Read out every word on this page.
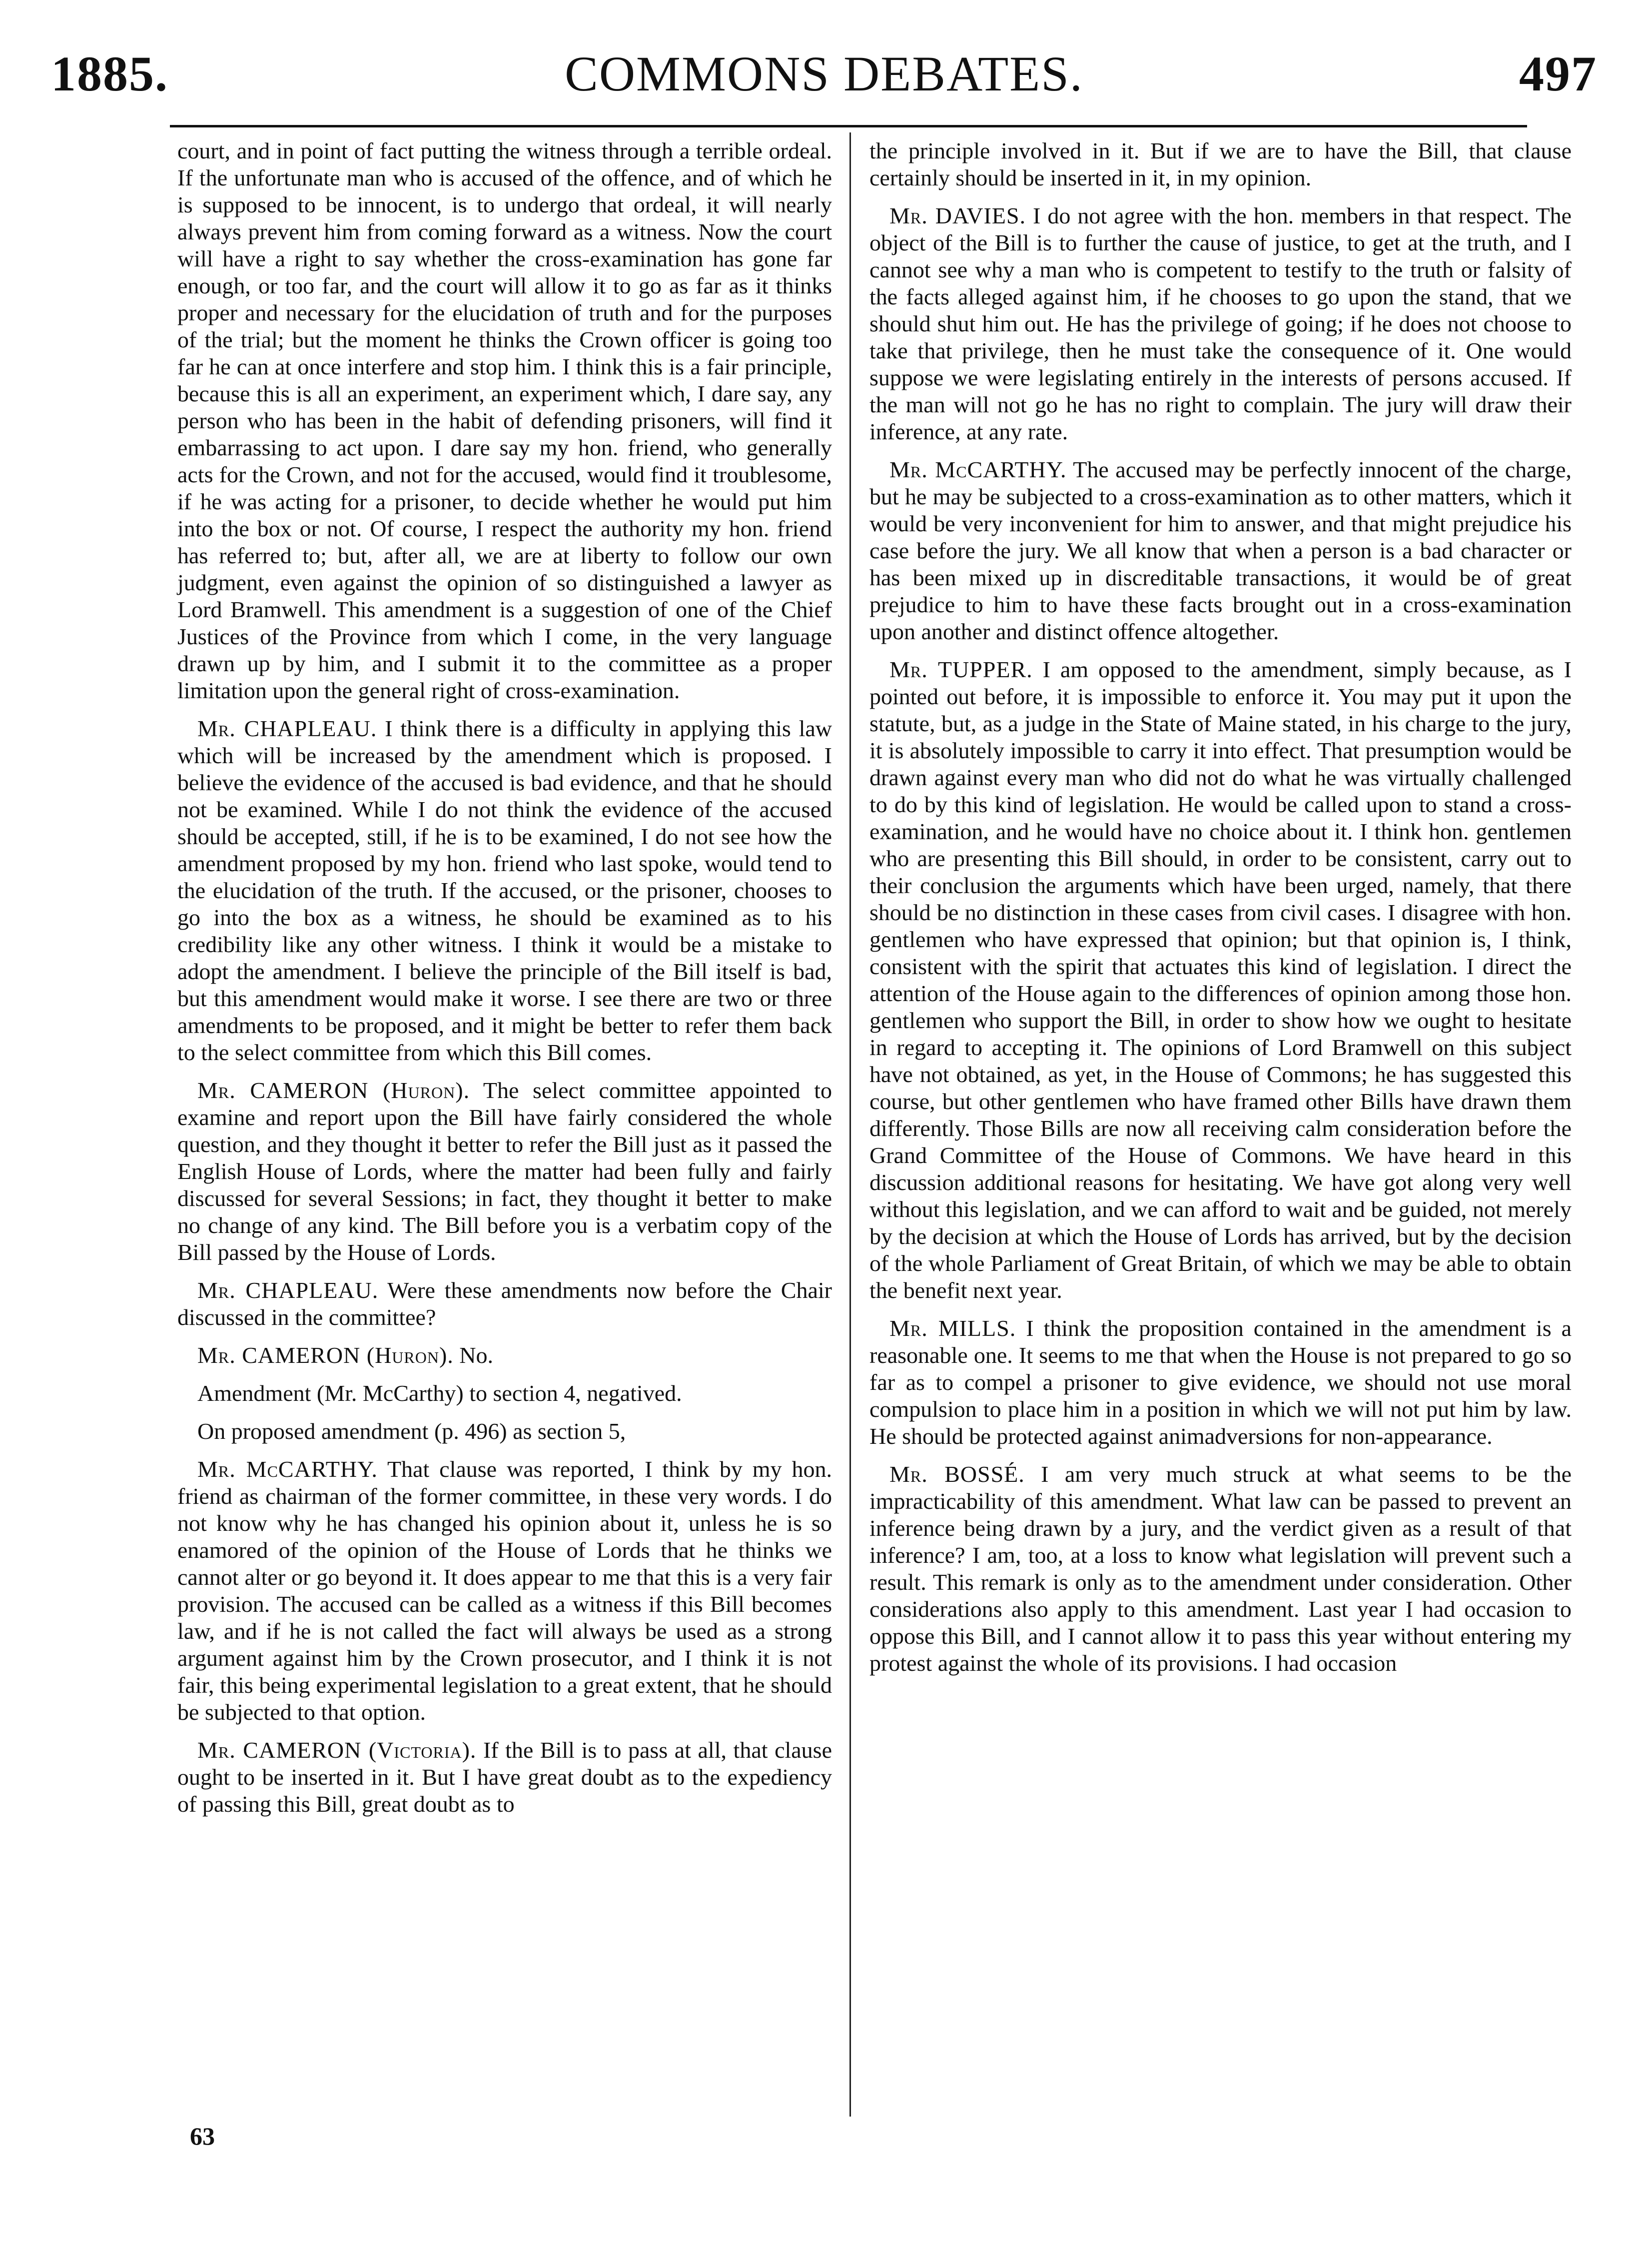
1885.	COMMONS DEBATES.	497

court, and in point of fact putting the witness through a terrible ordeal. If the unfortunate man who is accused of the offence, and of which he is supposed to be innocent, is to undergo that ordeal, it will nearly always prevent him from coming forward as a witness. Now the court will have a right to say whether the cross-examination has gone far enough, or too far, and the court will allow it to go as far as it thinks proper and necessary for the elucidation of truth and for the purposes of the trial; but the moment he thinks the Crown officer is going too far he can at once interfere and stop him. I think this is a fair principle, because this is all an experiment, an experiment which, I dare say, any person who has been in the habit of defending prisoners, will find it embarrassing to act upon. I dare say my hon. friend, who generally acts for the Crown, and not for the accused, would find it troublesome, if he was acting for a prisoner, to decide whether he would put him into the box or not. Of course, I respect the authority my hon. friend has referred to; but, after all, we are at liberty to follow our own judgment, even against the opinion of so distinguished a lawyer as Lord Bramwell. This amendment is a suggestion of one of the Chief Justices of the Province from which I come, in the very language drawn up by him, and I submit it to the committee as a proper limitation upon the general right of cross-examination.

Mr. CHAPLEAU. I think there is a difficulty in applying this law which will be increased by the amendment which is proposed. I believe the evidence of the accused is bad evidence, and that he should not be examined. While I do not think the evidence of the accused should be accepted, still, if he is to be examined, I do not see how the amendment proposed by my hon. friend who last spoke, would tend to the elucidation of the truth. If the accused, or the prisoner, chooses to go into the box as a witness, he should be examined as to his credibility like any other witness. I think it would be a mistake to adopt the amendment. I believe the principle of the Bill itself is bad, but this amendment would make it worse. I see there are two or three amendments to be proposed, and it might be better to refer them back to the select committee from which this Bill comes.

Mr. CAMERON (Huron). The select committee appointed to examine and report upon the Bill have fairly considered the whole question, and they thought it better to refer the Bill just as it passed the English House of Lords, where the matter had been fully and fairly discussed for several Sessions; in fact, they thought it better to make no change of any kind. The Bill before you is a verbatim copy of the Bill passed by the House of Lords.

Mr. CHAPLEAU. Were these amendments now before the Chair discussed in the committee?

Mr. CAMERON (Huron). No.

Amendment (Mr. McCarthy) to section 4, negatived.

On proposed amendment (p. 496) as section 5,

Mr. McCARTHY. That clause was reported, I think by my hon. friend as chairman of the former committee, in these very words. I do not know why he has changed his opinion about it, unless he is so enamored of the opinion of the House of Lords that he thinks we cannot alter or go beyond it. It does appear to me that this is a very fair provision. The accused can be called as a witness if this Bill becomes law, and if he is not called the fact will always be used as a strong argument against him by the Crown prosecutor, and I think it is not fair, this being experimental legislation to a great extent, that he should be subjected to that option.

Mr. CAMERON (Victoria). If the Bill is to pass at all, that clause ought to be inserted in it. But I have great doubt as to the expediency of passing this Bill, great doubt as to

the principle involved in it. But if we are to have the Bill, that clause certainly should be inserted in it, in my opinion.

Mr. DAVIES. I do not agree with the hon. members in that respect. The object of the Bill is to further the cause of justice, to get at the truth, and I cannot see why a man who is competent to testify to the truth or falsity of the facts alleged against him, if he chooses to go upon the stand, that we should shut him out. He has the privilege of going; if he does not choose to take that privilege, then he must take the consequence of it. One would suppose we were legislating entirely in the interests of persons accused. If the man will not go he has no right to complain. The jury will draw their inference, at any rate.

Mr. McCARTHY. The accused may be perfectly innocent of the charge, but he may be subjected to a cross-examination as to other matters, which it would be very inconvenient for him to answer, and that might prejudice his case before the jury. We all know that when a person is a bad character or has been mixed up in discreditable transactions, it would be of great prejudice to him to have these facts brought out in a cross-examination upon another and distinct offence altogether.

Mr. TUPPER. I am opposed to the amendment, simply because, as I pointed out before, it is impossible to enforce it. You may put it upon the statute, but, as a judge in the State of Maine stated, in his charge to the jury, it is absolutely impossible to carry it into effect. That presumption would be drawn against every man who did not do what he was virtually challenged to do by this kind of legislation. He would be called upon to stand a cross-examination, and he would have no choice about it. I think hon. gentlemen who are presenting this Bill should, in order to be consistent, carry out to their conclusion the arguments which have been urged, namely, that there should be no distinction in these cases from civil cases. I disagree with hon. gentlemen who have expressed that opinion; but that opinion is, I think, consistent with the spirit that actuates this kind of legislation. I direct the attention of the House again to the differences of opinion among those hon. gentlemen who support the Bill, in order to show how we ought to hesitate in regard to accepting it. The opinions of Lord Bramwell on this subject have not obtained, as yet, in the House of Commons; he has suggested this course, but other gentlemen who have framed other Bills have drawn them differently. Those Bills are now all receiving calm consideration before the Grand Committee of the House of Commons. We have heard in this discussion additional reasons for hesitating. We have got along very well without this legislation, and we can afford to wait and be guided, not merely by the decision at which the House of Lords has arrived, but by the decision of the whole Parliament of Great Britain, of which we may be able to obtain the benefit next year.

Mr. MILLS. I think the proposition contained in the amendment is a reasonable one. It seems to me that when the House is not prepared to go so far as to compel a prisoner to give evidence, we should not use moral compulsion to place him in a position in which we will not put him by law. He should be protected against animadversions for non-appearance.

Mr. BOSSÉ. I am very much struck at what seems to be the impracticability of this amendment. What law can be passed to prevent an inference being drawn by a jury, and the verdict given as a result of that inference? I am, too, at a loss to know what legislation will prevent such a result. This remark is only as to the amendment under consideration. Other considerations also apply to this amendment. Last year I had occasion to oppose this Bill, and I cannot allow it to pass this year without entering my protest against the whole of its provisions. I had occasion

63
